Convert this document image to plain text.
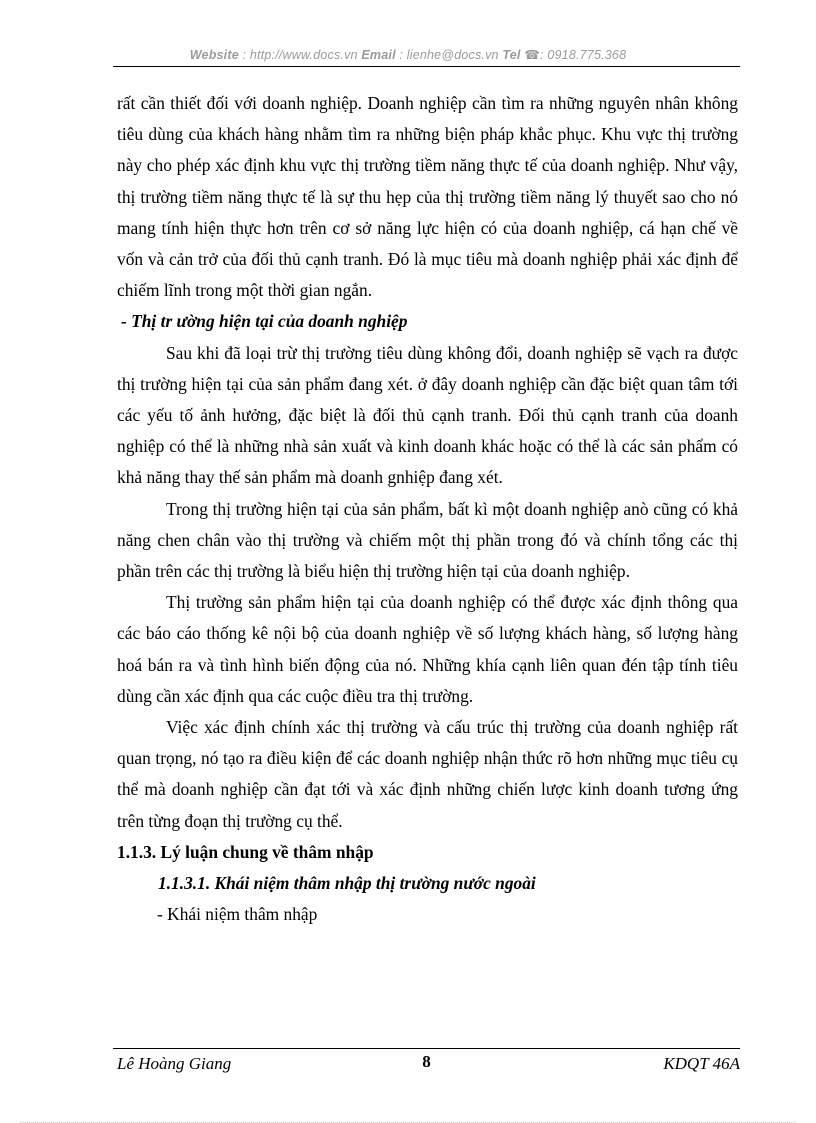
Website : http://www.docs.vn Email : lienhe@docs.vn Tel ☎: 0918.775.368

rất cần thiết đối với doanh nghiệp. Doanh nghiệp cần tìm ra những nguyên nhân không tiêu dùng của khách hàng nhằm tìm ra những biện pháp khắc phục. Khu vực thị trường này cho phép xác định khu vực thị trường tiềm năng thực tế của doanh nghiệp. Như vậy, thị trường tiềm năng thực tế là sự thu hẹp của thị trường tiềm năng lý thuyết sao cho nó mang tính hiện thực hơn trên cơ sở năng lực hiện có của doanh nghiệp, cá hạn chế về vốn và cản trở của đối thủ cạnh tranh. Đó là mục tiêu mà doanh nghiệp phải xác định để chiếm lĩnh trong một thời gian ngắn.

- Thị tr ường hiện tại của doanh nghiệp

Sau khi đã loại trừ thị trường tiêu dùng không đổi, doanh nghiệp sẽ vạch ra được thị trường hiện tại của sản phẩm đang xét. ở đây doanh nghiệp cần đặc biệt quan tâm tới các yếu tố ảnh hưởng, đặc biệt là đối thủ cạnh tranh. Đối thủ cạnh tranh của doanh nghiệp có thể là những nhà sản xuất và kinh doanh khác hoặc có thể là các sản phẩm có khả năng thay thế sản phẩm mà doanh gnhiệp đang xét.

Trong thị trường hiện tại của sản phẩm, bất kì một doanh nghiệp anò cũng có khả năng chen chân vào thị trường và chiếm một thị phần trong đó và chính tổng các thị phần trên các thị trường là biểu hiện thị trường hiện tại của doanh nghiệp.

Thị trường sản phẩm hiện tại của doanh nghiệp có thể được xác định thông qua các báo cáo thống kê nội bộ của doanh nghiệp về số lượng khách hàng, số lượng hàng hoá bán ra và tình hình biến động của nó. Những khía cạnh liên quan đén tập tính tiêu dùng cần xác định qua các cuộc điều tra thị trường.

Việc xác định chính xác thị trường và cấu trúc thị trường của doanh nghiệp rất quan trọng, nó tạo ra điều kiện để các doanh nghiệp nhận thức rõ hơn những mục tiêu cụ thể mà doanh nghiệp cần đạt tới và xác định những chiến lược kinh doanh tương ứng trên từng đoạn thị trường cụ thể.

1.1.3. Lý luận chung về thâm nhập

1.1.3.1. Khái niệm thâm nhập thị trường nước ngoài

- Khái niệm thâm nhập

Lê Hoàng Giang	8	KDQT 46A
